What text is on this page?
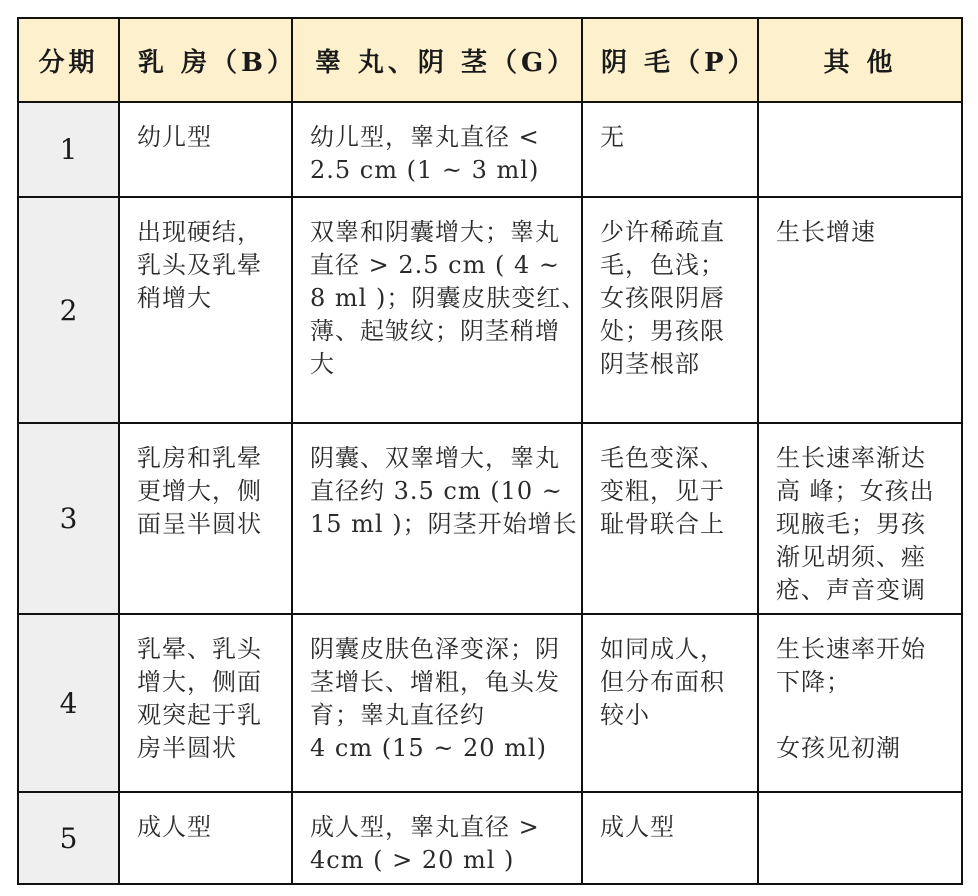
分期	乳 房（B）	睾 丸、阴 茎（G）	阴 毛（P）	其 他
1	幼儿型	幼儿型，睾丸直径 <
2.5 cm (1 ~ 3 ml)	无	

2	出现硬结，
乳头及乳晕
稍增大	双睾和阴囊增大；睾丸
直径 > 2.5 cm ( 4 ~
8 ml )；阴囊皮肤变红、
薄、起皱纹；阴茎稍增
大	少许稀疏直
毛，色浅；
女孩限阴唇
处；男孩限
阴茎根部	生长增速

3	乳房和乳晕
更增大，侧
面呈半圆状	阴囊、双睾增大，睾丸
直径约 3.5 cm (10 ~
15 ml )；阴茎开始增长	毛色变深、
变粗，见于
耻骨联合上	生长速率渐达
高 峰；女孩出
现腋毛；男孩
渐见胡须、痤
疮、声音变调

4	乳晕、乳头
增大，侧面
观突起于乳
房半圆状	阴囊皮肤色泽变深；阴
茎增长、增粗，龟头发
育；睾丸直径约
4 cm (15 ~ 20 ml)	如同成人，
但分布面积
较小	生长速率开始
下降；
女孩见初潮

5	成人型	成人型，睾丸直径 >
4cm ( > 20 ml )	成人型	
